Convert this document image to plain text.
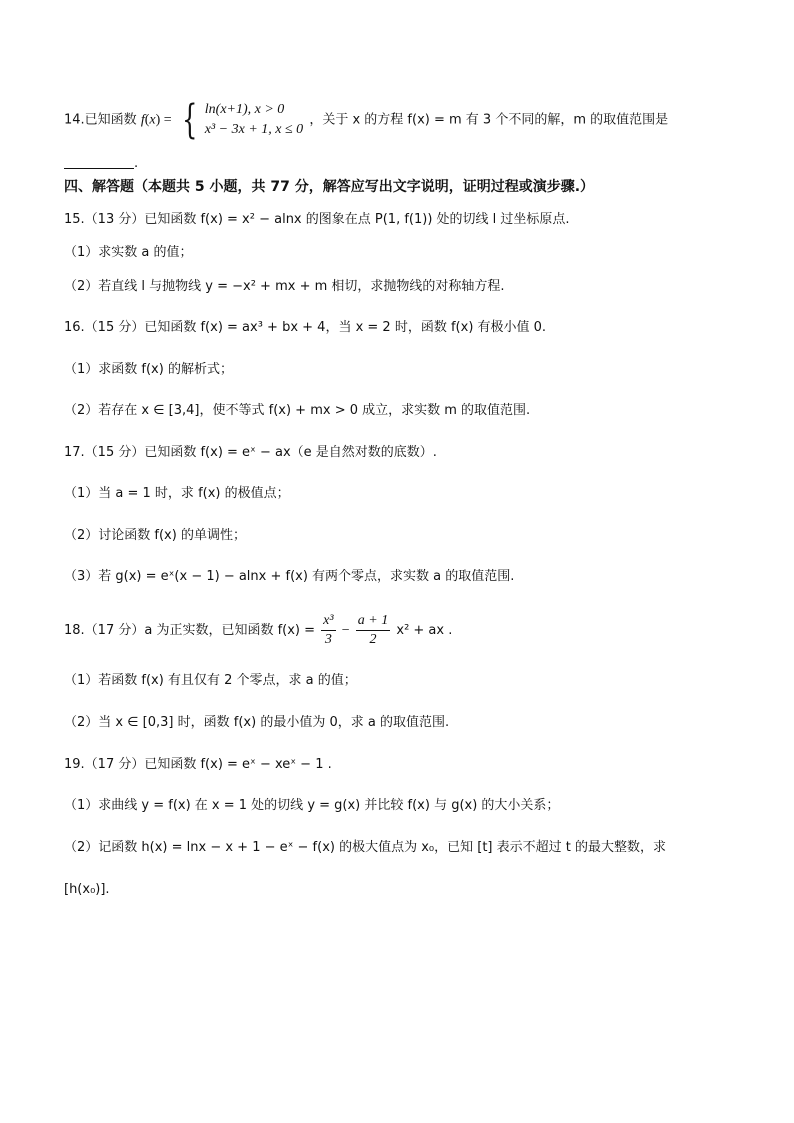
14.已知函数 f(x) = { ln(x+1), x > 0
x³ − 3x + 1, x ≤ 0
，关于 x 的方程 f(x) = m 有 3 个不同的解，m 的取值范围是
.
四、解答题（本题共 5 小题，共 77 分，解答应写出文字说明，证明过程或演步骤.）
15.（13 分）已知函数 f(x) = x² − alnx 的图象在点 P(1, f(1)) 处的切线 l 过坐标原点.
（1）求实数 a 的值；
（2）若直线 l 与抛物线 y = −x² + mx + m 相切，求抛物线的对称轴方程.
16.（15 分）已知函数 f(x) = ax³ + bx + 4，当 x = 2 时，函数 f(x) 有极小值 0.
（1）求函数 f(x) 的解析式；
（2）若存在 x ∈ [3,4]，使不等式 f(x) + mx > 0 成立，求实数 m 的取值范围.
17.（15 分）已知函数 f(x) = eˣ − ax（e 是自然对数的底数）.
（1）当 a = 1 时，求 f(x) 的极值点；
（2）讨论函数 f(x) 的单调性；
（3）若 g(x) = eˣ(x − 1) − alnx + f(x) 有两个零点，求实数 a 的取值范围.
18.（17 分）a 为正实数，已知函数 $f(x) = \frac{\text{x³}}{3} - \frac{a + 1}{2} x^2$ + ax .
（1）若函数 f(x) 有且仅有 2 个零点，求 a 的值；
（2）当 x ∈ [0,3] 时，函数 f(x) 的最小值为 0，求 a 的取值范围.
19.（17 分）已知函数 f(x) = eˣ − xeˣ − 1 .
（1）求曲线 y = f(x) 在 x = 1 处的切线 y = g(x) 并比较 f(x) 与 g(x) 的大小关系；
（2）记函数 h(x) = lnx − x + 1 − eˣ − f(x) 的极大值点为 x₀，已知 [t] 表示不超过 t 的最大整数，求
[h(x₀)].
